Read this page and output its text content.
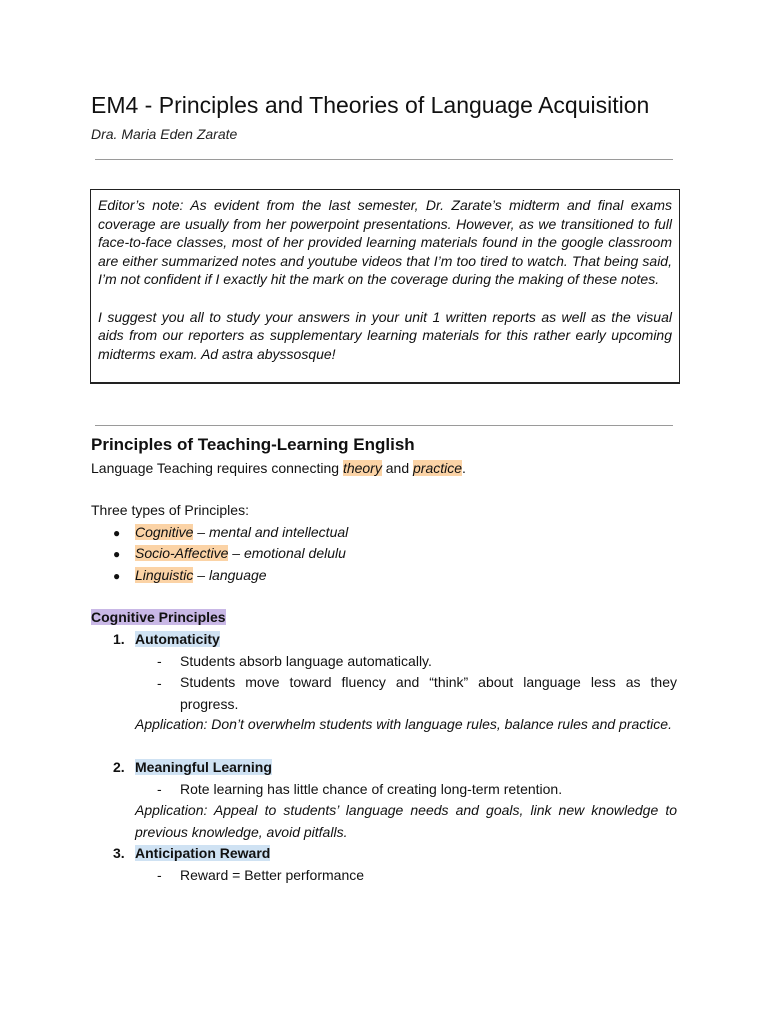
EM4 - Principles and Theories of Language Acquisition
Dra. Maria Eden Zarate

Editor’s note: As evident from the last semester, Dr. Zarate’s midterm and final exams coverage are usually from her powerpoint presentations. However, as we transitioned to full face-to-face classes, most of her provided learning materials found in the google classroom are either summarized notes and youtube videos that I’m too tired to watch. That being said, I’m not confident if I exactly hit the mark on the coverage during the making of these notes.

I suggest you all to study your answers in your unit 1 written reports as well as the visual aids from our reporters as supplementary learning materials for this rather early upcoming midterms exam. Ad astra abyssosque!

Principles of Teaching-Learning English
Language Teaching requires connecting theory and practice.
Three types of Principles:
● Cognitive – mental and intellectual
● Socio-Affective – emotional delulu
● Linguistic – language
Cognitive Principles
1. Automaticity
- Students absorb language automatically.
- Students move toward fluency and “think” about language less as they progress.
Application: Don’t overwhelm students with language rules, balance rules and practice.
2. Meaningful Learning
- Rote learning has little chance of creating long-term retention.
Application: Appeal to students’ language needs and goals, link new knowledge to previous knowledge, avoid pitfalls.
3. Anticipation Reward
- Reward = Better performance
